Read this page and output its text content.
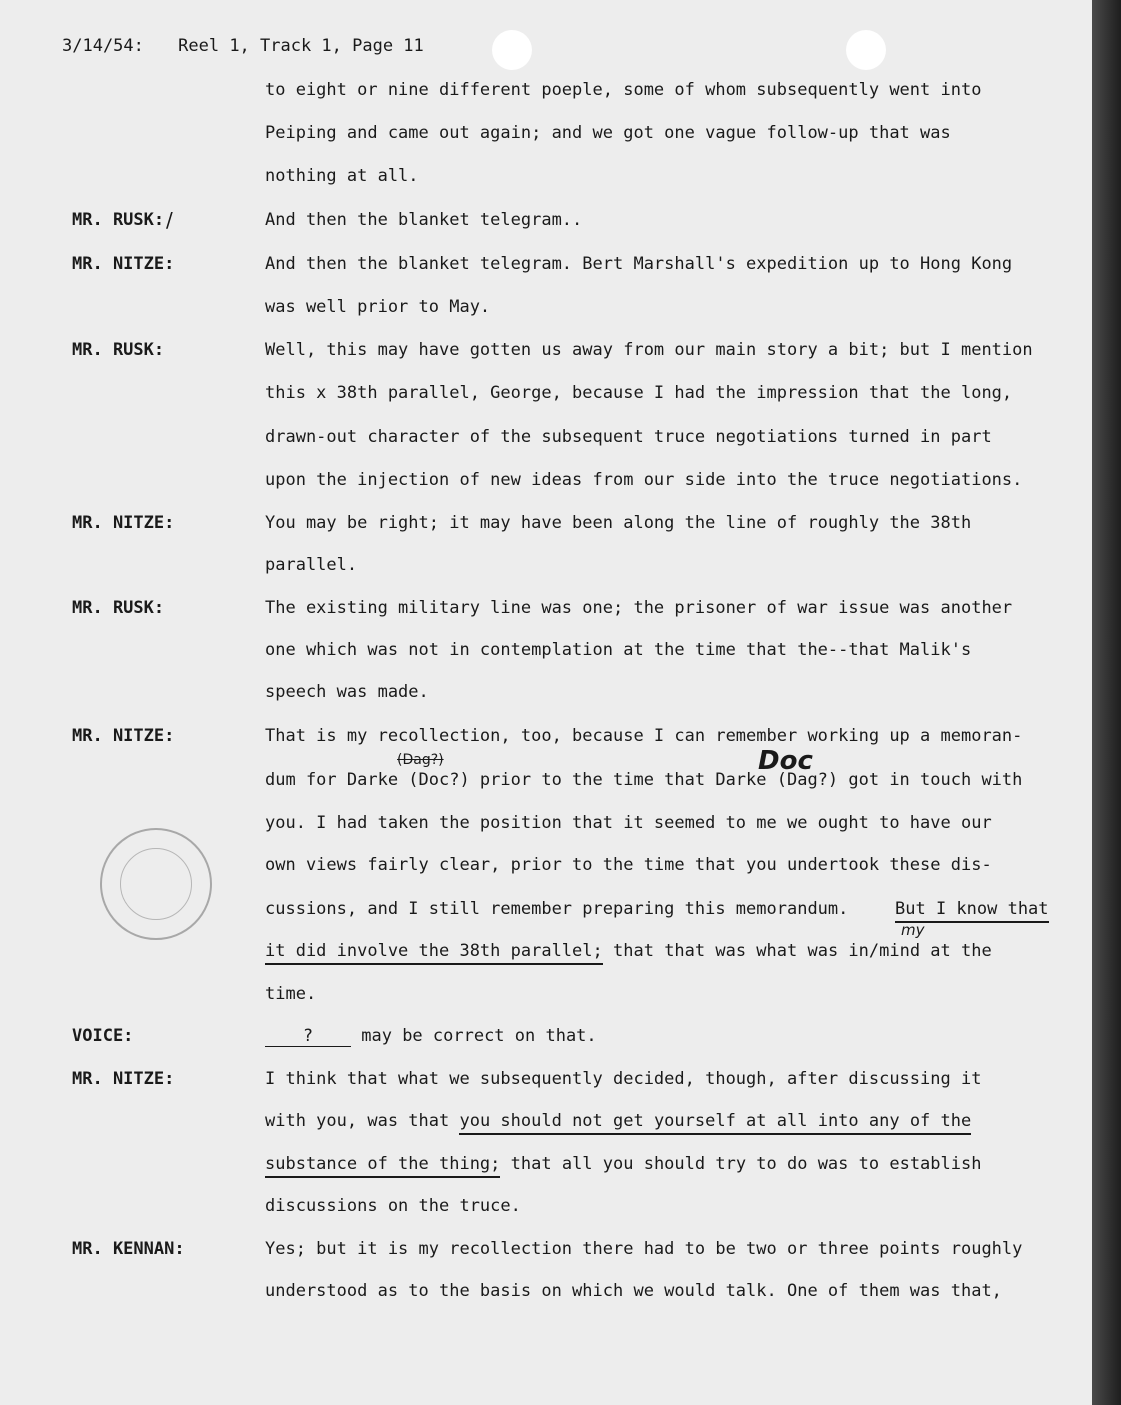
3/14/54: Reel 1, Track 1, Page 11
to eight or nine different poeple, some of whom subsequently went into
Peiping and came out again; and we got one vague follow-up that was
nothing at all.
MR. RUSK: /	And then the blanket telegram..
MR. NITZE:	And then the blanket telegram. Bert Marshall's expedition up to Hong Kong
was well prior to May.
MR. RUSK:	Well, this may have gotten us away from our main story a bit; but I mention
this x 38th parallel, George, because I had the impression that the long,
drawn-out character of the subsequent truce negotiations turned in part
upon the injection of new ideas from our side into the truce negotiations.
MR. NITZE:	You may be right; it may have been along the line of roughly the 38th
parallel.
MR. RUSK:	The existing military line was one; the prisoner of war issue was another
one which was not in contemplation at the time that the--that Malik's
speech was made.
MR. NITZE:	That is my recollection, too, because I can remember working up a memoran-
(Dag?)	Doc
dum for Darke (Doc?) prior to the time that Darke (Dag?) got in touch with
you. I had taken the position that it seemed to me we ought to have our
own views fairly clear, prior to the time that you undertook these dis-
cussions, and I still remember preparing this memorandum.	But I know that
my
it did involve the 38th parallel; that that was what was in/mind at the
time.
VOICE:	?	may be correct on that.
MR. NITZE:	I think that what we subsequently decided, though, after discussing it
with you, was that you should not get yourself at all into any of the
substance of the thing; that all you should try to do was to establish
discussions on the truce.
MR. KENNAN:	Yes; but it is my recollection there had to be two or three points roughly
understood as to the basis on which we would talk. One of them was that,
